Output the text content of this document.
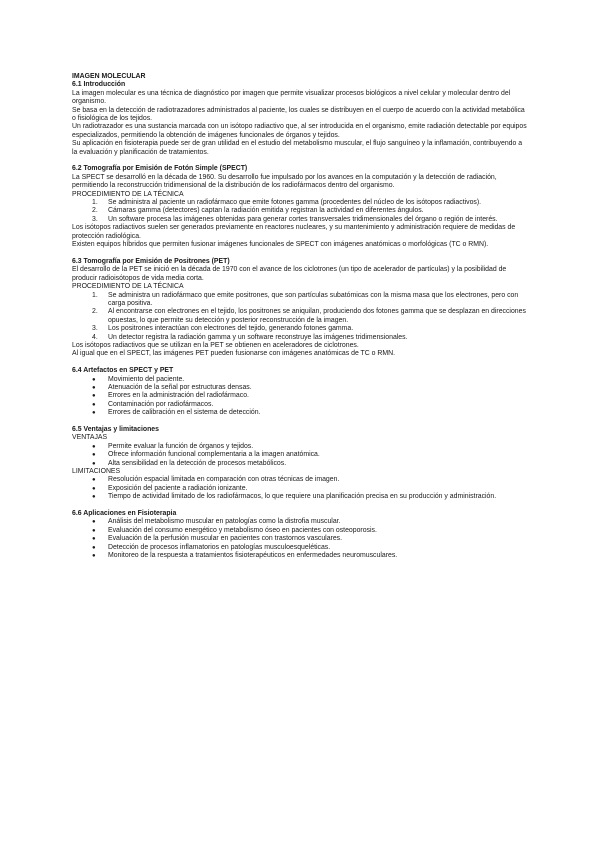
IMAGEN MOLECULAR
6.1 Introducción

La imagen molecular es una técnica de diagnóstico por imagen que permite visualizar procesos biológicos a nivel celular y molecular dentro del organismo.

Se basa en la detección de radiotrazadores administrados al paciente, los cuales se distribuyen en el cuerpo de acuerdo con la actividad metabólica o fisiológica de los tejidos.

Un radiotrazador es una sustancia marcada con un isótopo radiactivo que, al ser introducida en el organismo, emite radiación detectable por equipos especializados, permitiendo la obtención de imágenes funcionales de órganos y tejidos.

Su aplicación en fisioterapia puede ser de gran utilidad en el estudio del metabolismo muscular, el flujo sanguíneo y la inflamación, contribuyendo a la evaluación y planificación de tratamientos.

6.2 Tomografía por Emisión de Fotón Simple (SPECT)

La SPECT se desarrolló en la década de 1960. Su desarrollo fue impulsado por los avances en la computación y la detección de radiación, permitiendo la reconstrucción tridimensional de la distribución de los radiofármacos dentro del organismo.

PROCEDIMIENTO DE LA TÉCNICA

1. Se administra al paciente un radiofármaco que emite fotones gamma (procedentes del núcleo de los isótopos radiactivos).
2. Cámaras gamma (detectores) captan la radiación emitida y registran la actividad en diferentes ángulos.
3. Un software procesa las imágenes obtenidas para generar cortes transversales tridimensionales del órgano o región de interés.

Los isótopos radiactivos suelen ser generados previamente en reactores nucleares, y su mantenimiento y administración requiere de medidas de protección radiológica.

Existen equipos híbridos que permiten fusionar imágenes funcionales de SPECT con imágenes anatómicas o morfológicas (TC o RMN).

6.3 Tomografía por Emisión de Positrones (PET)

El desarrollo de la PET se inició en la década de 1970 con el avance de los ciclotrones (un tipo de acelerador de partículas) y la posibilidad de producir radioisótopos de vida media corta.

PROCEDIMIENTO DE LA TÉCNICA

1. Se administra un radiofármaco que emite positrones, que son partículas subatómicas con la misma masa que los electrones, pero con carga positiva.
2. Al encontrarse con electrones en el tejido, los positrones se aniquilan, produciendo dos fotones gamma que se desplazan en direcciones opuestas, lo que permite su detección y posterior reconstrucción de la imagen.
3. Los positrones interactúan con electrones del tejido, generando fotones gamma.
4. Un detector registra la radiación gamma y un software reconstruye las imágenes tridimensionales.

Los isótopos radiactivos que se utilizan en la PET se obtienen en aceleradores de ciclotrones.

Al igual que en el SPECT, las imágenes PET pueden fusionarse con imágenes anatómicas de TC o RMN.

6.4 Artefactos en SPECT y PET
● Movimiento del paciente.
● Atenuación de la señal por estructuras densas.
● Errores en la administración del radiofármaco.
● Contaminación por radiofármacos.
● Errores de calibración en el sistema de detección.
6.5 Ventajas y limitaciones

VENTAJAS

● Permite evaluar la función de órganos y tejidos.
● Ofrece información funcional complementaria a la imagen anatómica.
● Alta sensibilidad en la detección de procesos metabólicos.

LIMITACIONES

● Resolución espacial limitada en comparación con otras técnicas de imagen.
● Exposición del paciente a radiación ionizante.
● Tiempo de actividad limitado de los radiofármacos, lo que requiere una planificación precisa en su producción y administración.
6.6 Aplicaciones en Fisioterapia
● Análisis del metabolismo muscular en patologías como la distrofia muscular.
● Evaluación del consumo energético y metabolismo óseo en pacientes con osteoporosis.
● Evaluación de la perfusión muscular en pacientes con trastornos vasculares.
● Detección de procesos inflamatorios en patologías musculoesqueléticas.
● Monitoreo de la respuesta a tratamientos fisioterapéuticos en enfermedades neuromusculares.
